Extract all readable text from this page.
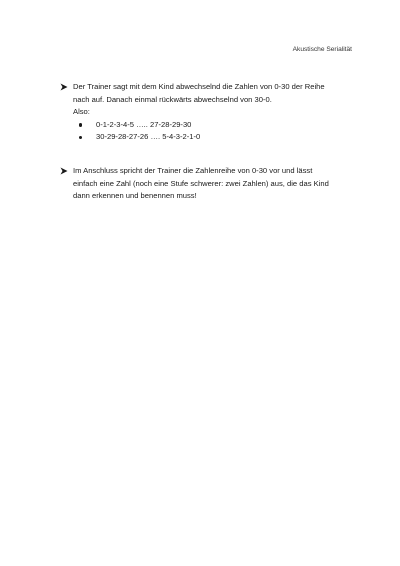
Akustische Serialität
Der Trainer sagt mit dem Kind abwechselnd die Zahlen von 0-30 der Reihe
nach auf. Danach einmal rückwärts abwechselnd von 30-0.
Also:
0-1-2-3-4-5 ….. 27-28-29-30
30-29-28-27-26 …. 5-4-3-2-1-0
Im Anschluss spricht der Trainer die Zahlenreihe von 0-30 vor und lässt
einfach eine Zahl (noch eine Stufe schwerer: zwei Zahlen) aus, die das Kind
dann erkennen und benennen muss!
